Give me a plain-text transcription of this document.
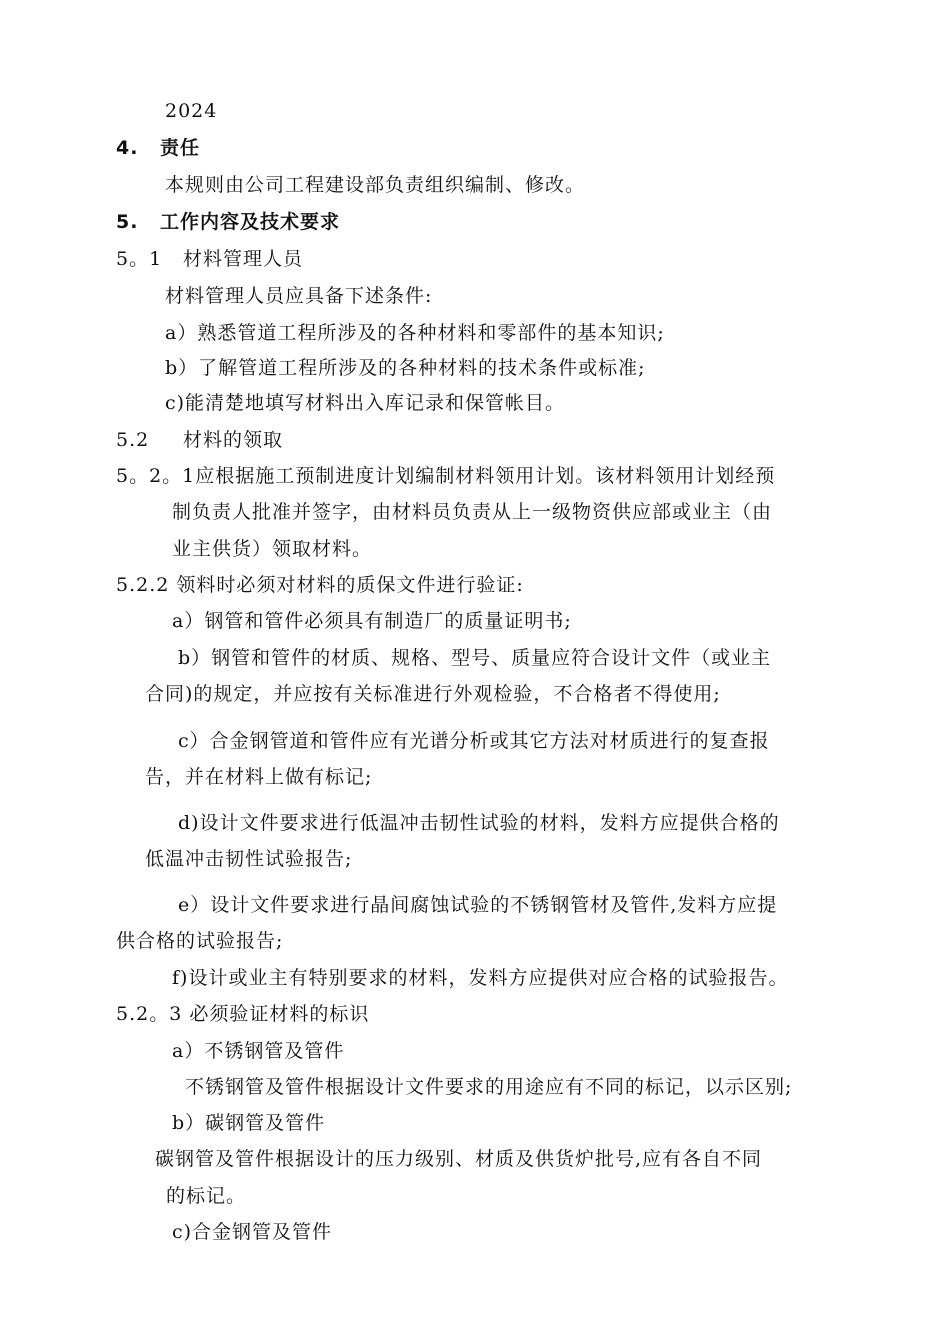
2024
4. 责任
本规则由公司工程建设部负责组织编制、修改。
5. 工作内容及技术要求
5。1 材料管理人员
材料管理人员应具备下述条件:
a）熟悉管道工程所涉及的各种材料和零部件的基本知识;
b）了解管道工程所涉及的各种材料的技术条件或标准;
c)能清楚地填写材料出入库记录和保管帐目。
5.2 材料的领取
5。2。1应根据施工预制进度计划编制材料领用计划。该材料领用计划经预
制负责人批准并签字，由材料员负责从上一级物资供应部或业主（由
业主供货）领取材料。
5.2.2 领料时必须对材料的质保文件进行验证:
a）钢管和管件必须具有制造厂的质量证明书;
b）钢管和管件的材质、规格、型号、质量应符合设计文件（或业主
合同)的规定，并应按有关标准进行外观检验，不合格者不得使用;
c）合金钢管道和管件应有光谱分析或其它方法对材质进行的复查报
告，并在材料上做有标记;
d)设计文件要求进行低温冲击韧性试验的材料，发料方应提供合格的
低温冲击韧性试验报告;
e）设计文件要求进行晶间腐蚀试验的不锈钢管材及管件,发料方应提
供合格的试验报告;
f)设计或业主有特别要求的材料，发料方应提供对应合格的试验报告。
5.2。3 必须验证材料的标识
a）不锈钢管及管件
不锈钢管及管件根据设计文件要求的用途应有不同的标记，以示区别;
b）碳钢管及管件
碳钢管及管件根据设计的压力级别、材质及供货炉批号,应有各自不同
的标记。
c)合金钢管及管件
